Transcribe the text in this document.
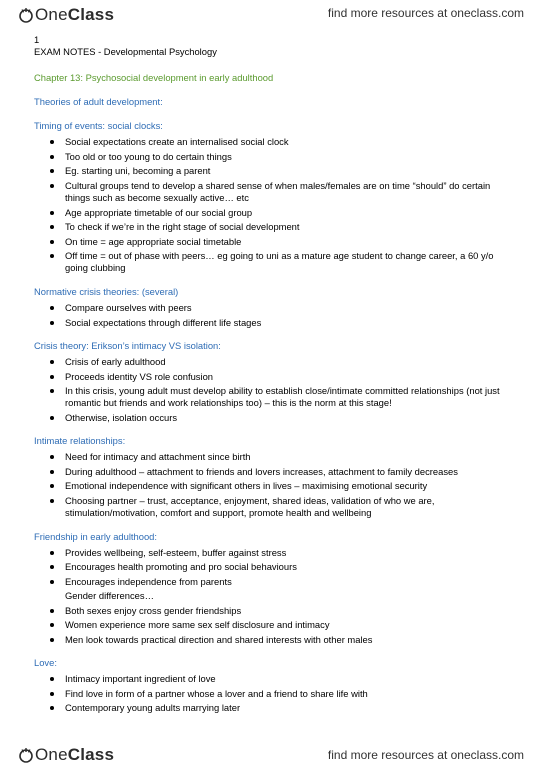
OneClass	find more resources at oneclass.com
1
EXAM NOTES - Developmental Psychology
Chapter 13: Psychosocial development in early adulthood
Theories of adult development:
Timing of events: social clocks:
Social expectations create an internalised social clock
Too old or too young to do certain things
Eg. starting uni, becoming a parent
Cultural groups tend to develop a shared sense of when males/females are on time “should” do certain things such as become sexually active… etc
Age appropriate timetable of our social group
To check if we’re in the right stage of social development
On time = age appropriate social timetable
Off time = out of phase with peers… eg going to uni as a mature age student to change career, a 60 y/o going clubbing
Normative crisis theories: (several)
Compare ourselves with peers
Social expectations through different life stages
Crisis theory: Erikson’s intimacy VS isolation:
Crisis of early adulthood
Proceeds identity VS role confusion
In this crisis, young adult must develop ability to establish close/intimate committed relationships (not just romantic but friends and work relationships too) – this is the norm at this stage!
Otherwise, isolation occurs
Intimate relationships:
Need for intimacy and attachment since birth
During adulthood – attachment to friends and lovers increases, attachment to family decreases
Emotional independence with significant others in lives – maximising emotional security
Choosing partner – trust, acceptance, enjoyment, shared ideas, validation of who we are, stimulation/motivation, comfort and support, promote health and wellbeing
Friendship in early adulthood:
Provides wellbeing, self-esteem, buffer against stress
Encourages health promoting and pro social behaviours
Encourages independence from parents
Gender differences…
Both sexes enjoy cross gender friendships
Women experience more same sex self disclosure and intimacy
Men look towards practical direction and shared interests with other males
Love:
Intimacy important ingredient of love
Find love in form of a partner whose a lover and a friend to share life with
Contemporary young adults marrying later
OneClass	find more resources at oneclass.com
